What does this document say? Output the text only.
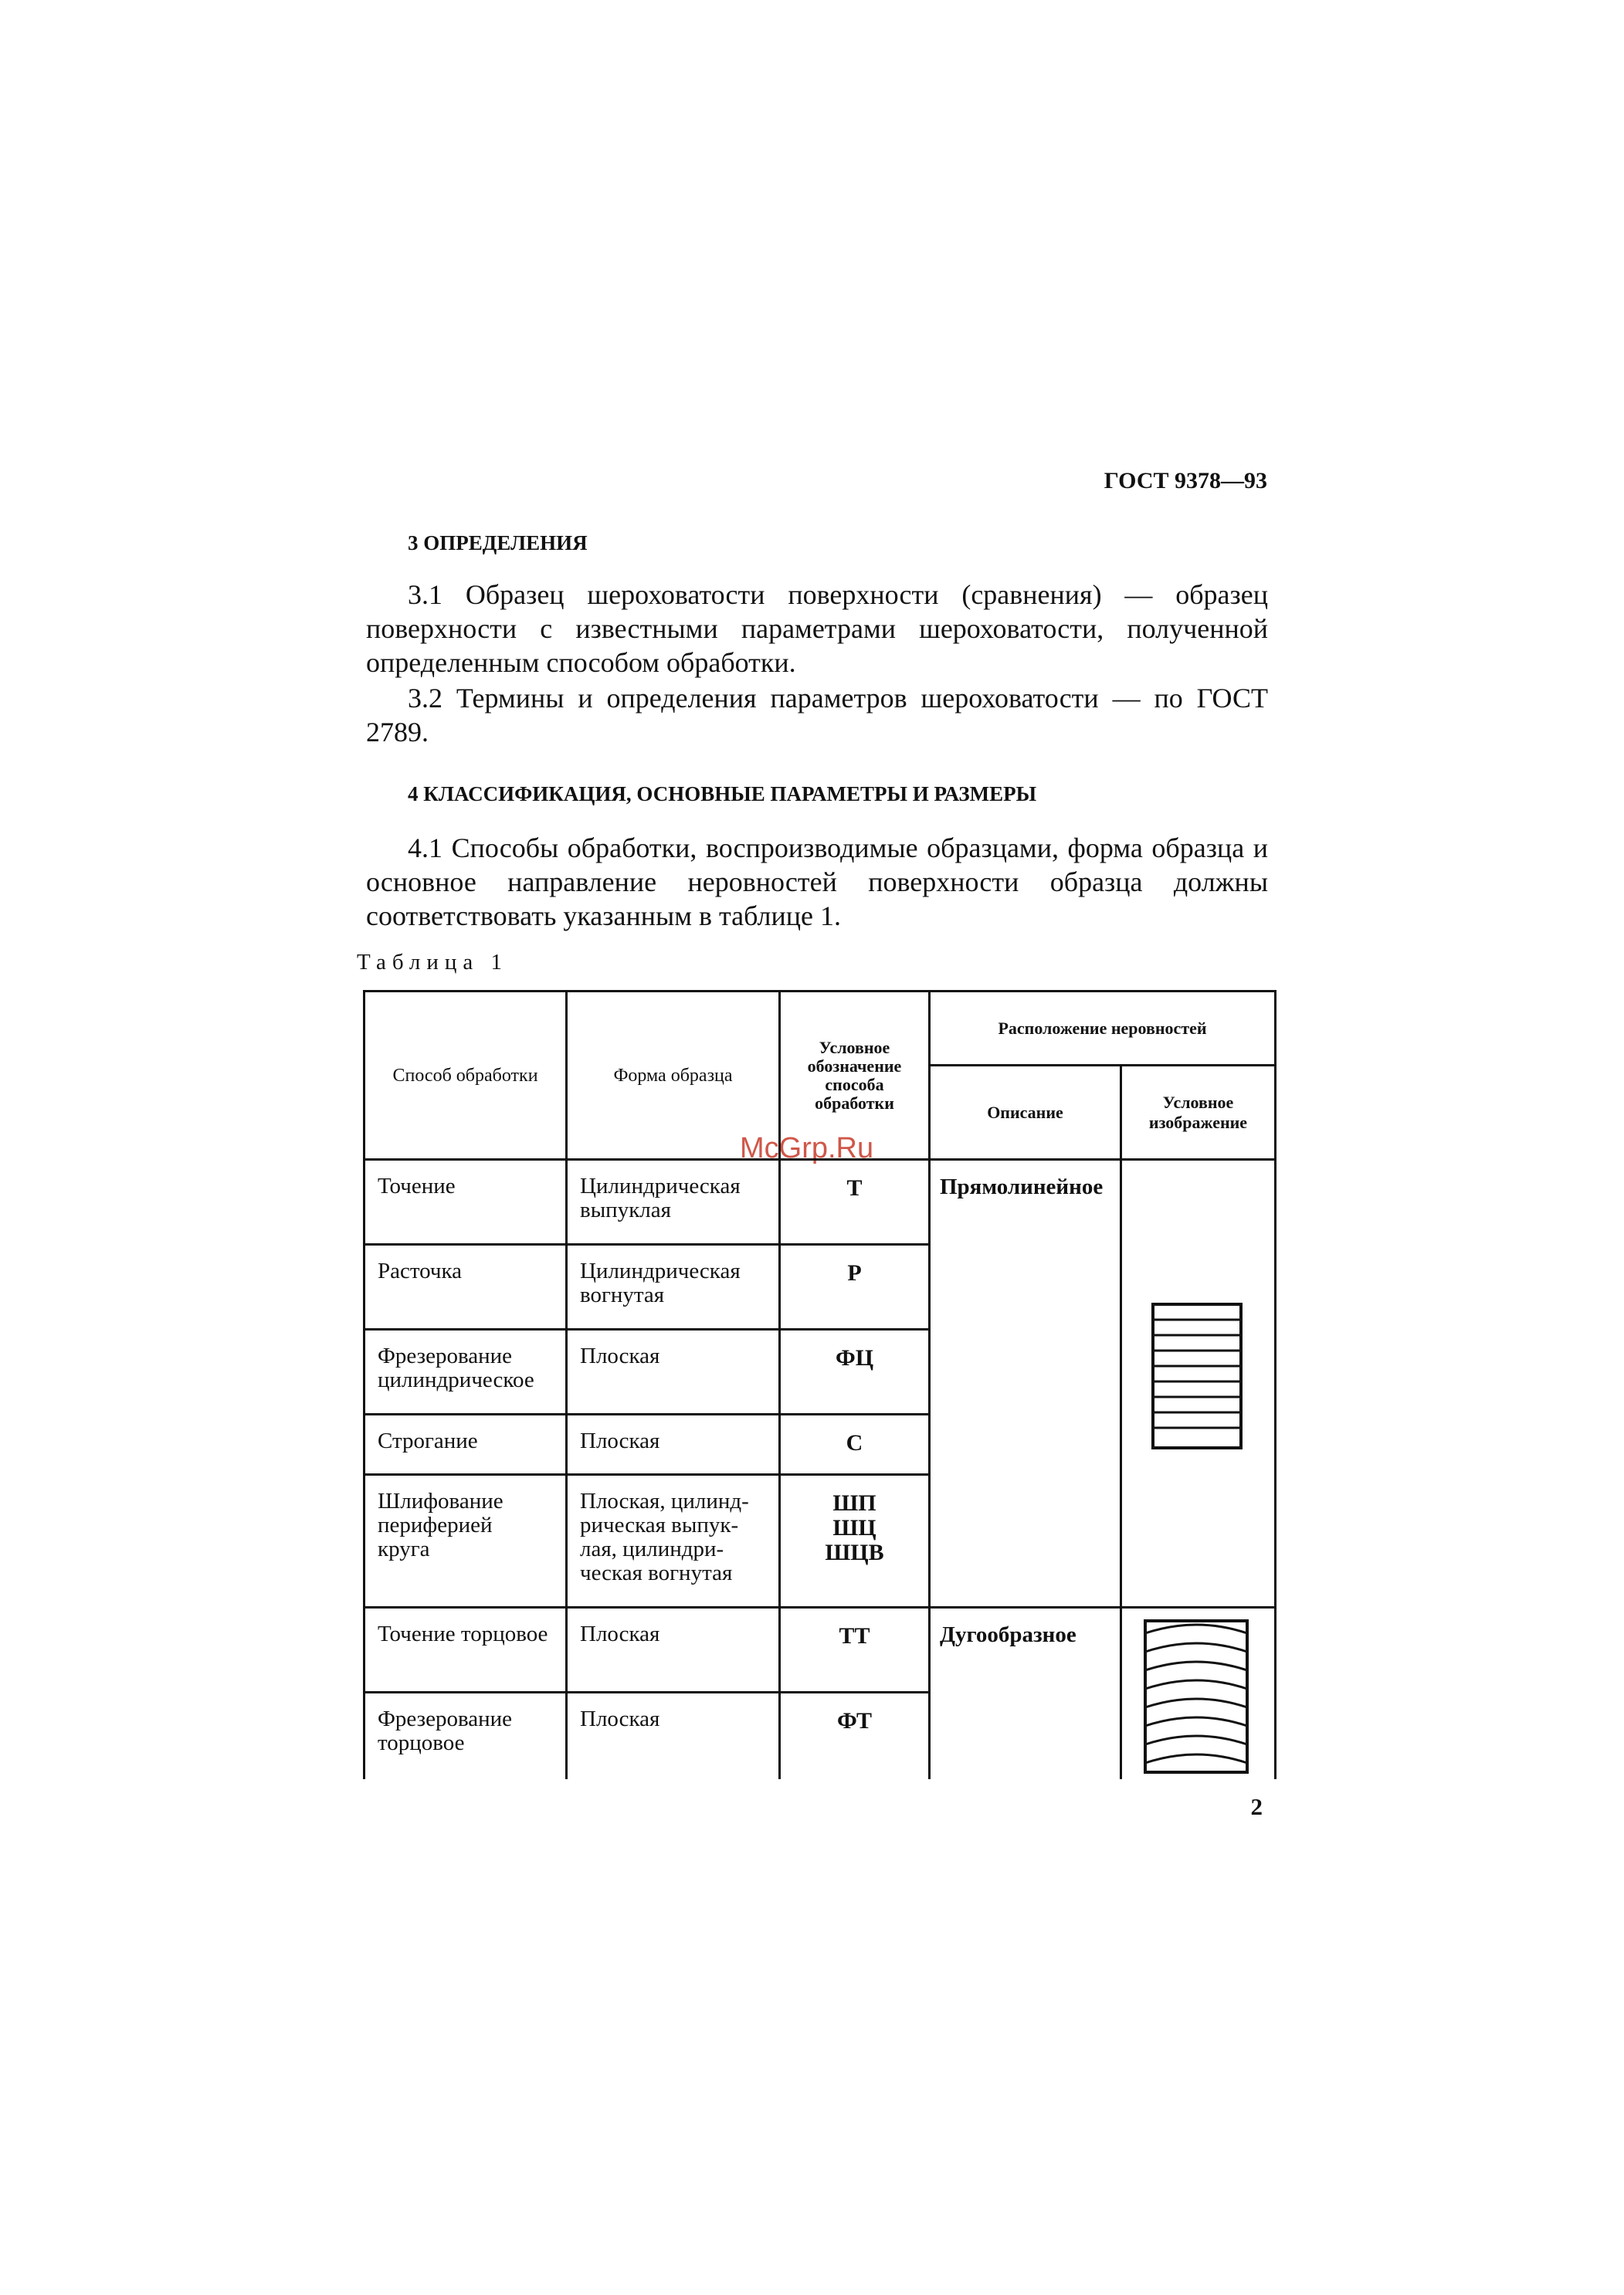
ГОСТ 9378—93
3 ОПРЕДЕЛЕНИЯ
3.1 Образец шероховатости поверхности (сравнения) — образец поверхности с известными параметрами шероховатости, полученной определенным способом обработки.
3.2 Термины и определения параметров шероховатости — по ГОСТ 2789.
4 КЛАССИФИКАЦИЯ, ОСНОВНЫЕ ПАРАМЕТРЫ И РАЗМЕРЫ
4.1 Способы обработки, воспроизводимые образцами, форма образца и основное направление неровностей поверхности образца должны соответствовать указанным в таблице 1.
Таблица 1
McGrp.Ru
Способ обработки	Форма образца	Условное обозначение способа обработки	Расположение неровностей	
			Описание	Условное изображение

Точение	Цилиндрическая выпуклая	Т	Прямолинейное

Расточка	Цилиндрическая вогнутая	Р		

Фрезерование цилиндрическое	Плоская	ФЦ		

Строгание	Плоская	С		

Шлифование периферией круга	Плоская, цилинд-рическая выпук-лая, цилиндри-ческая вогнутая	ШП ШЦ ШЦВ		

Точение торцовое	Плоская	ТТ	Дугообразное

Фрезерование торцовое	Плоская	ФТ		
2
